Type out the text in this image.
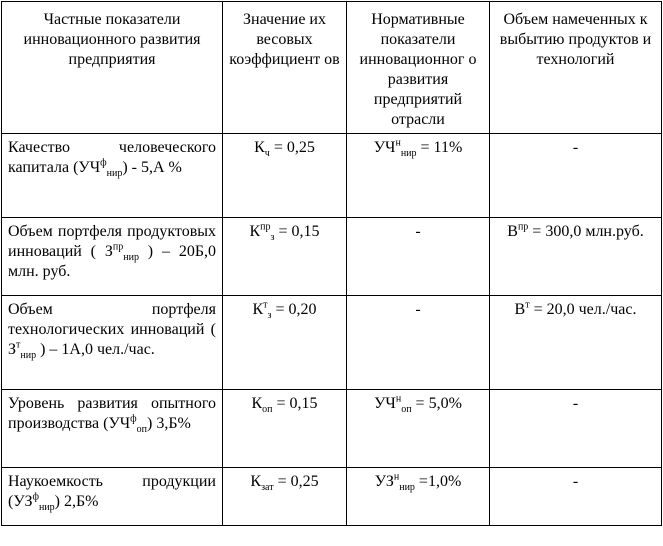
Частные показатели инновационного развития предприятия	Значение их весовых коэффициент ов	Нормативные показатели инновационног о развития предприятий отрасли	Объем намеченных к выбытию продуктов и технологий
Качество человеческого капитала $(УЧ^ф_{нир}) - 5,А$ %	$К_ч = 0,25$	$УЧ^н_{нир} = 11\%$	-
Объем портфеля продуктовых инноваций ( $З^{пр}_{нир}$ ) – 20Б,0 млн. руб.	$К^{пр}_з = 0,15$	-	$В^{пр} = 300,0$ млн.руб.
Объем портфеля технологических инноваций ( $З^т_{нир}$ ) – 1А,0 чел./час.	$К^т_з = 0,20$	-	$В^т = 20,0$ чел./час.
Уровень развития опытного производства $(УЧ^ф_{оп})$ 3,Б%	$К_{оп} = 0,15$	$УЧ^н_{оп} = 5,0\%$	-
Наукоемкость продукции $(УЗ^ф_{нир})$ 2,Б%	$К_{зат} = 0,25$	$УЗ^н_{нир} =1,0\%$	-
